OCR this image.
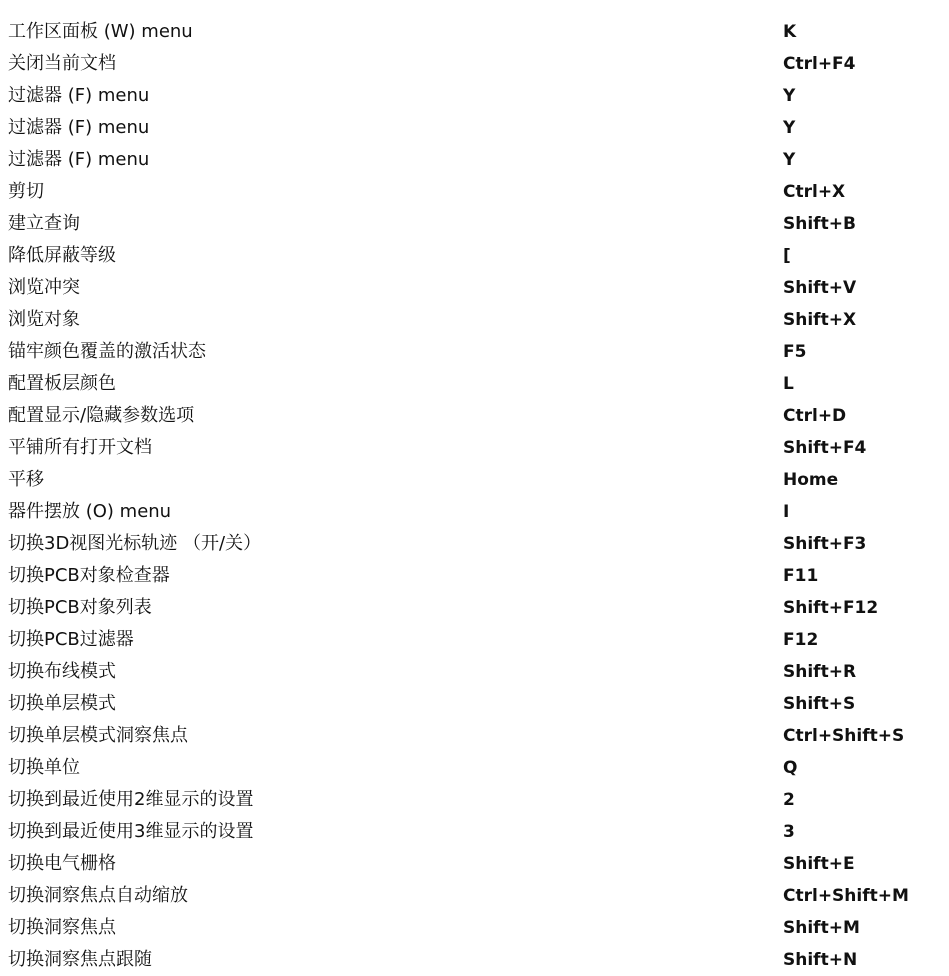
工作区面板 (W) menu	K
关闭当前文档	Ctrl+F4
过滤器 (F) menu	Y
过滤器 (F) menu	Y
过滤器 (F) menu	Y
剪切	Ctrl+X
建立查询	Shift+B
降低屏蔽等级	[
浏览冲突	Shift+V
浏览对象	Shift+X
锚牢颜色覆盖的激活状态	F5
配置板层颜色	L
配置显示/隐藏参数选项	Ctrl+D
平铺所有打开文档	Shift+F4
平移	Home
器件摆放 (O) menu	I
切换3D视图光标轨迹 （开/关）	Shift+F3
切换PCB对象检查器	F11
切换PCB对象列表	Shift+F12
切换PCB过滤器	F12
切换布线模式	Shift+R
切换单层模式	Shift+S
切换单层模式洞察焦点	Ctrl+Shift+S
切换单位	Q
切换到最近使用2维显示的设置	2
切换到最近使用3维显示的设置	3
切换电气栅格	Shift+E
切换洞察焦点自动缩放	Ctrl+Shift+M
切换洞察焦点	Shift+M
切换洞察焦点跟随	Shift+N
